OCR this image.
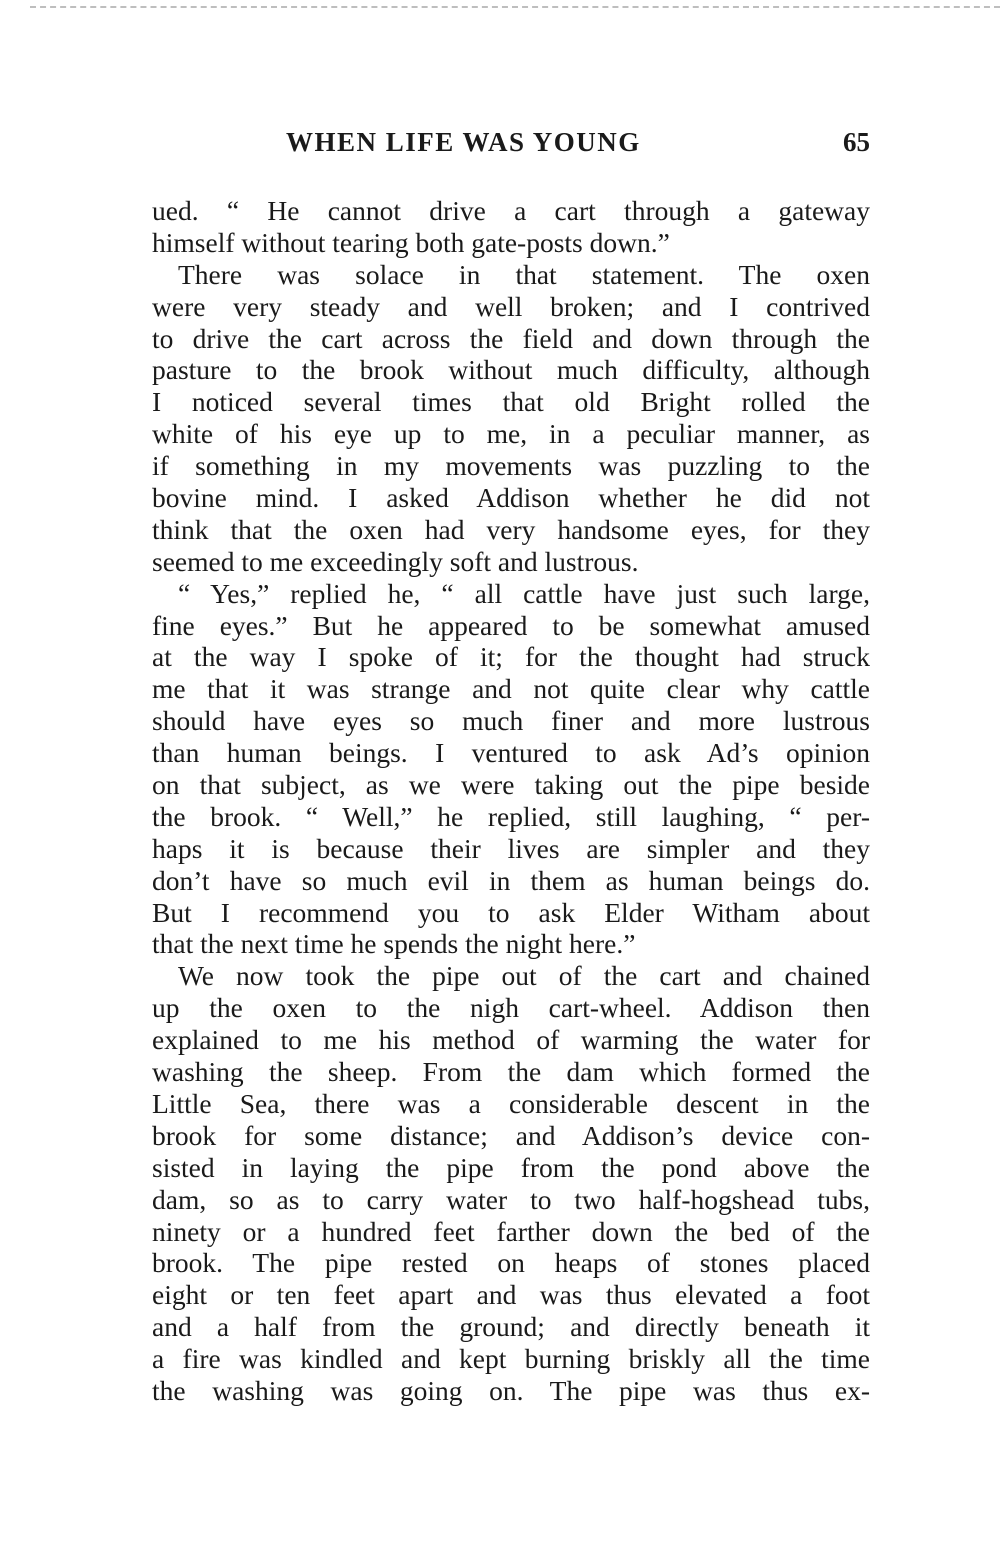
WHEN LIFE WAS YOUNG	65
ued. “ He cannot drive a cart through a gateway
himself without tearing both gate-posts down.”
There was solace in that statement. The oxen
were very steady and well broken; and I contrived
to drive the cart across the field and down through the
pasture to the brook without much difficulty, although
I noticed several times that old Bright rolled the
white of his eye up to me, in a peculiar manner, as
if something in my movements was puzzling to the
bovine mind. I asked Addison whether he did not
think that the oxen had very handsome eyes, for they
seemed to me exceedingly soft and lustrous.
“ Yes,” replied he, “ all cattle have just such large,
fine eyes.” But he appeared to be somewhat amused
at the way I spoke of it; for the thought had struck
me that it was strange and not quite clear why cattle
should have eyes so much finer and more lustrous
than human beings. I ventured to ask Ad’s opinion
on that subject, as we were taking out the pipe beside
the brook. “ Well,” he replied, still laughing, “ per-
haps it is because their lives are simpler and they
don’t have so much evil in them as human beings do.
But I recommend you to ask Elder Witham about
that the next time he spends the night here.”
We now took the pipe out of the cart and chained
up the oxen to the nigh cart-wheel. Addison then
explained to me his method of warming the water for
washing the sheep. From the dam which formed the
Little Sea, there was a considerable descent in the
brook for some distance; and Addison’s device con-
sisted in laying the pipe from the pond above the
dam, so as to carry water to two half-hogshead tubs,
ninety or a hundred feet farther down the bed of the
brook. The pipe rested on heaps of stones placed
eight or ten feet apart and was thus elevated a foot
and a half from the ground; and directly beneath it
a fire was kindled and kept burning briskly all the time
the washing was going on. The pipe was thus ex-
